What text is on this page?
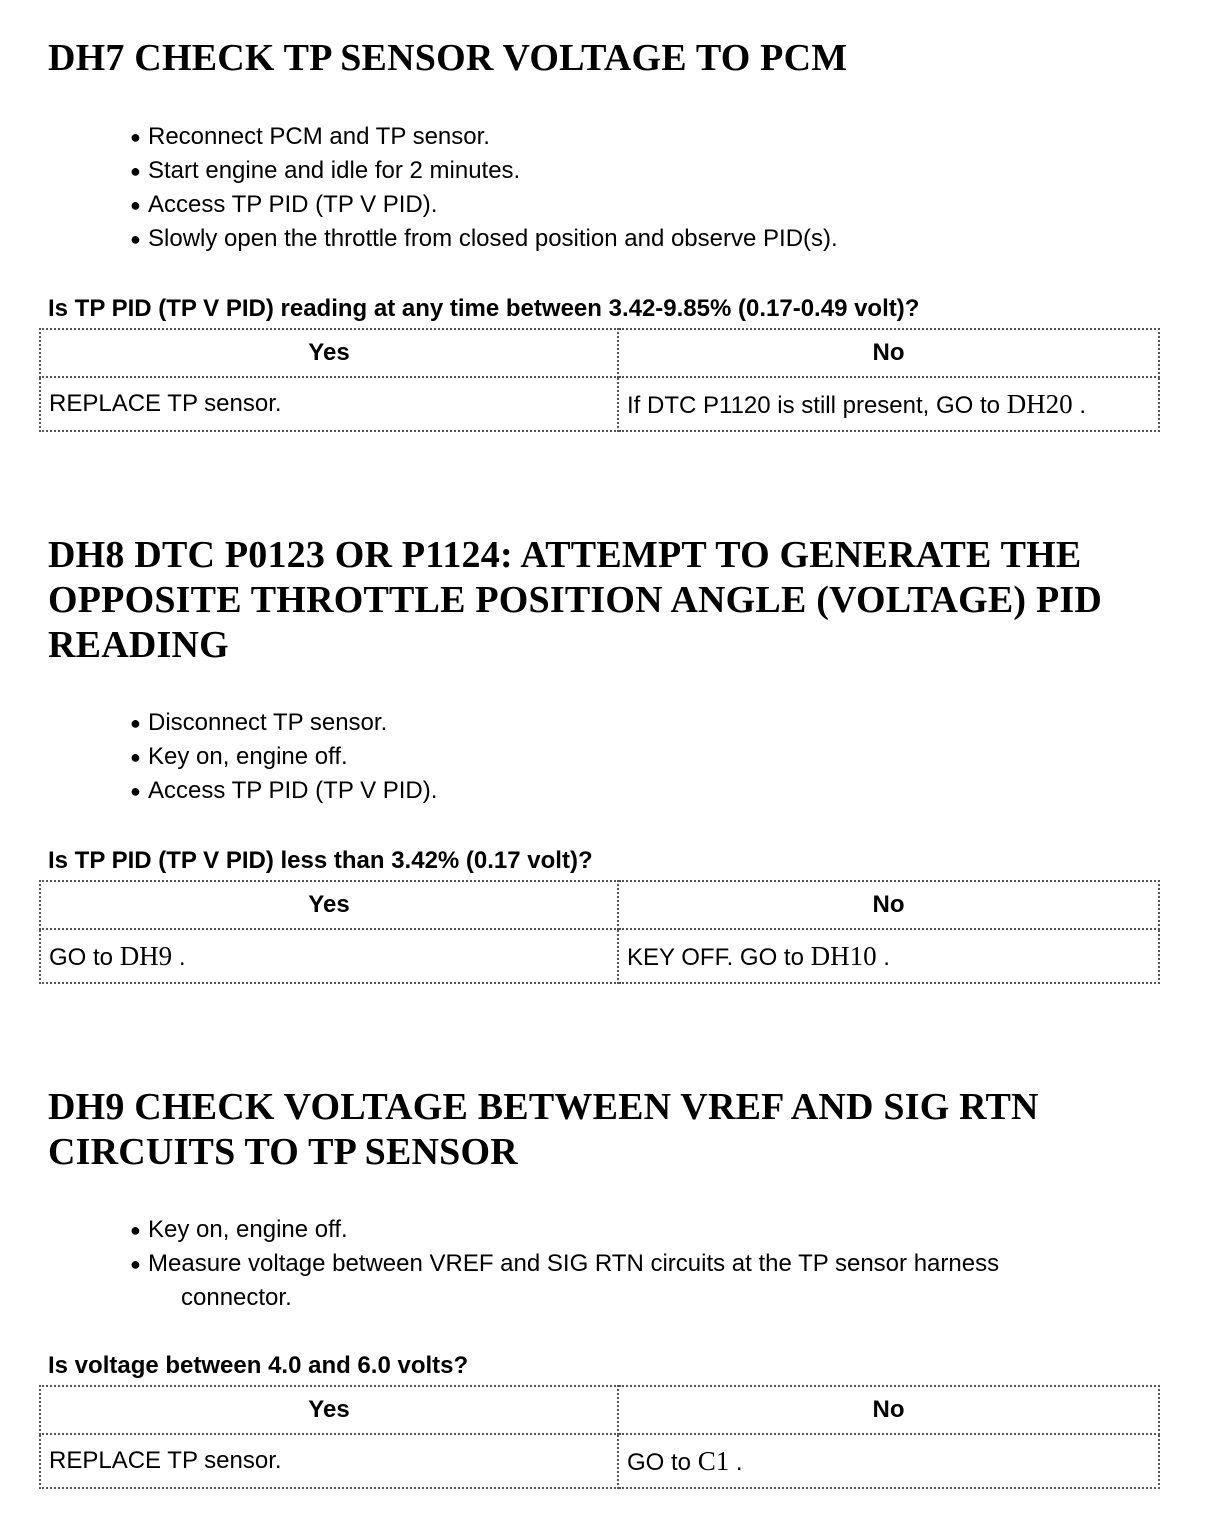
DH7 CHECK TP SENSOR VOLTAGE TO PCM
● Reconnect PCM and TP sensor.
● Start engine and idle for 2 minutes.
● Access TP PID (TP V PID).
● Slowly open the throttle from closed position and observe PID(s).

Is TP PID (TP V PID) reading at any time between 3.42-9.85% (0.17-0.49 volt)?

Yes	No
REPLACE TP sensor.	If DTC P1120 is still present, GO to DH20 .
DH8 DTC P0123 OR P1124: ATTEMPT TO GENERATE THE OPPOSITE THROTTLE POSITION ANGLE (VOLTAGE) PID READING
● Disconnect TP sensor.
● Key on, engine off.
● Access TP PID (TP V PID).

Is TP PID (TP V PID) less than 3.42% (0.17 volt)?

Yes	No
GO to DH9 .	KEY OFF. GO to DH10 .
DH9 CHECK VOLTAGE BETWEEN VREF AND SIG RTN CIRCUITS TO TP SENSOR
● Key on, engine off.
● Measure voltage between VREF and SIG RTN circuits at the TP sensor harness
connector.

Is voltage between 4.0 and 6.0 volts?

Yes	No
REPLACE TP sensor.	GO to C1 .
